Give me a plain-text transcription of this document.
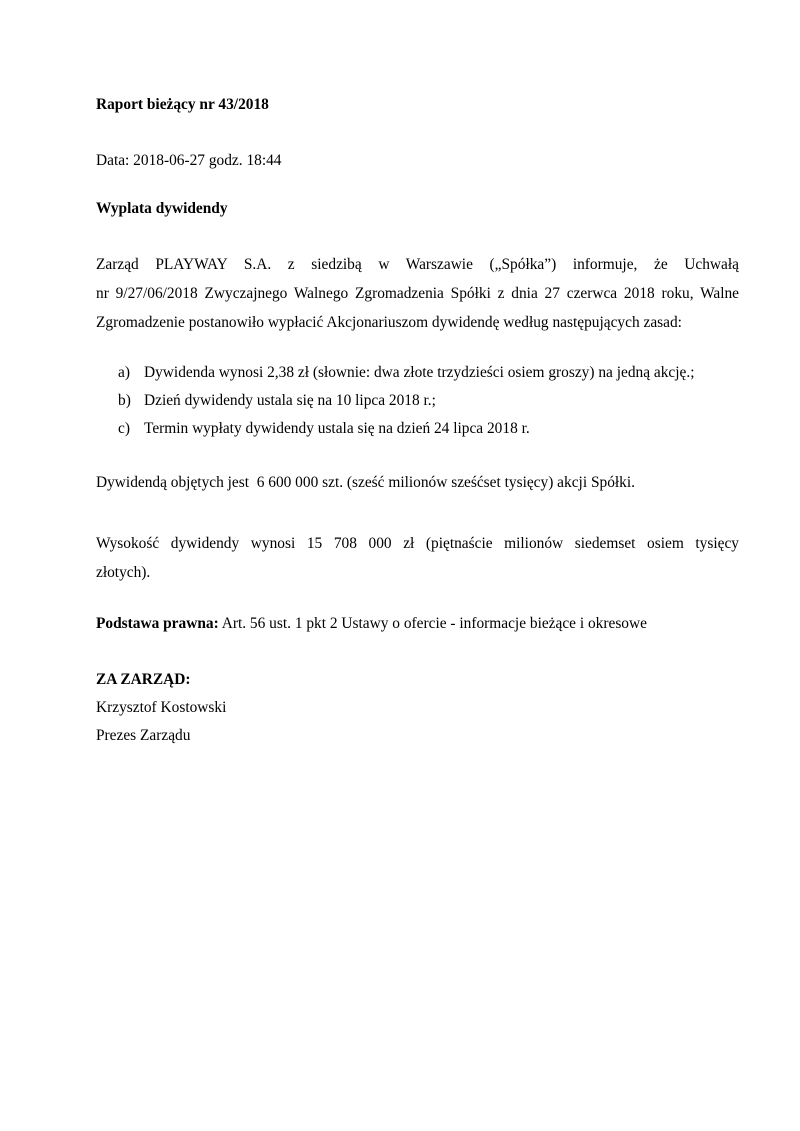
Raport bieżący nr 43/2018
Data: 2018-06-27 godz. 18:44
Wyplata dywidendy
Zarząd PLAYWAY S.A. z siedzibą w Warszawie („Spółka”) informuje, że Uchwałą
nr 9/27/06/2018 Zwyczajnego Walnego Zgromadzenia Spółki z dnia 27 czerwca 2018 roku, Walne
Zgromadzenie postanowiło wypłacić Akcjonariuszom dywidendę według następujących zasad:
a) Dywidenda wynosi 2,38 zł (słownie: dwa złote trzydzieści osiem groszy) na jedną akcję.;
b) Dzień dywidendy ustala się na 10 lipca 2018 r.;
c) Termin wypłaty dywidendy ustala się na dzień 24 lipca 2018 r.
Dywidendą objętych jest  6 600 000 szt. (sześć milionów sześćset tysięcy) akcji Spółki.
Wysokość dywidendy wynosi 15 708 000 zł (piętnaście milionów siedemset osiem tysięcy
złotych).
Podstawa prawna: Art. 56 ust. 1 pkt 2 Ustawy o ofercie - informacje bieżące i okresowe
ZA ZARZĄD:
Krzysztof Kostowski
Prezes Zarządu
